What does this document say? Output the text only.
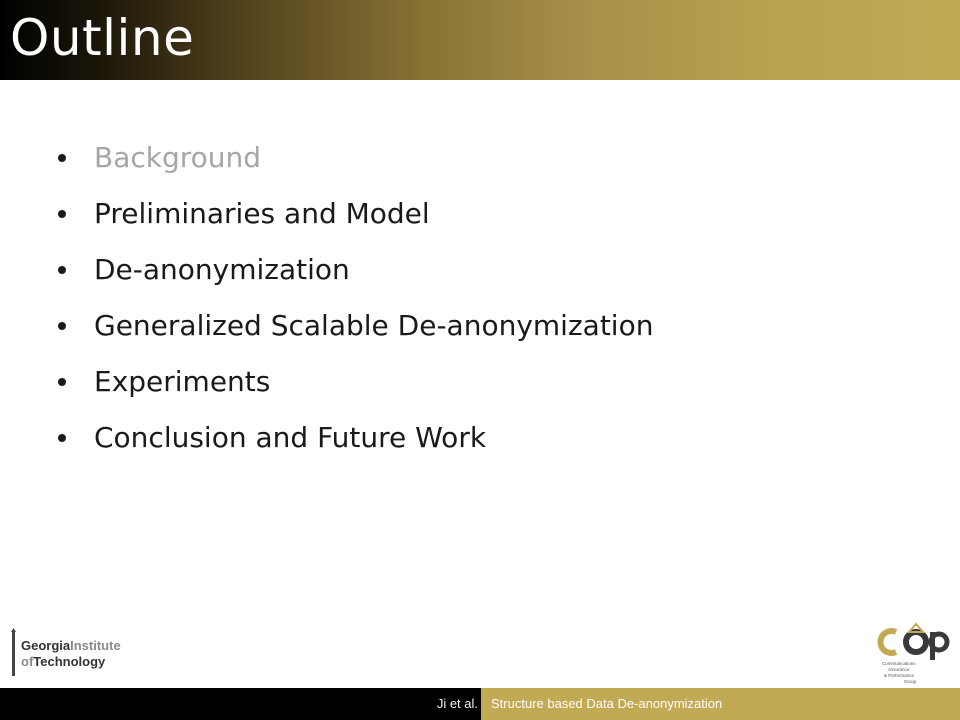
Outline
Background
Preliminaries and Model
De-anonymization
Generalized Scalable De-anonymization
Experiments
Conclusion and Future Work
GeorgiaInstitute
ofTechnology	Communications
Assurance
& Performance
Group
Ji et al. Structure based Data De-anonymization
